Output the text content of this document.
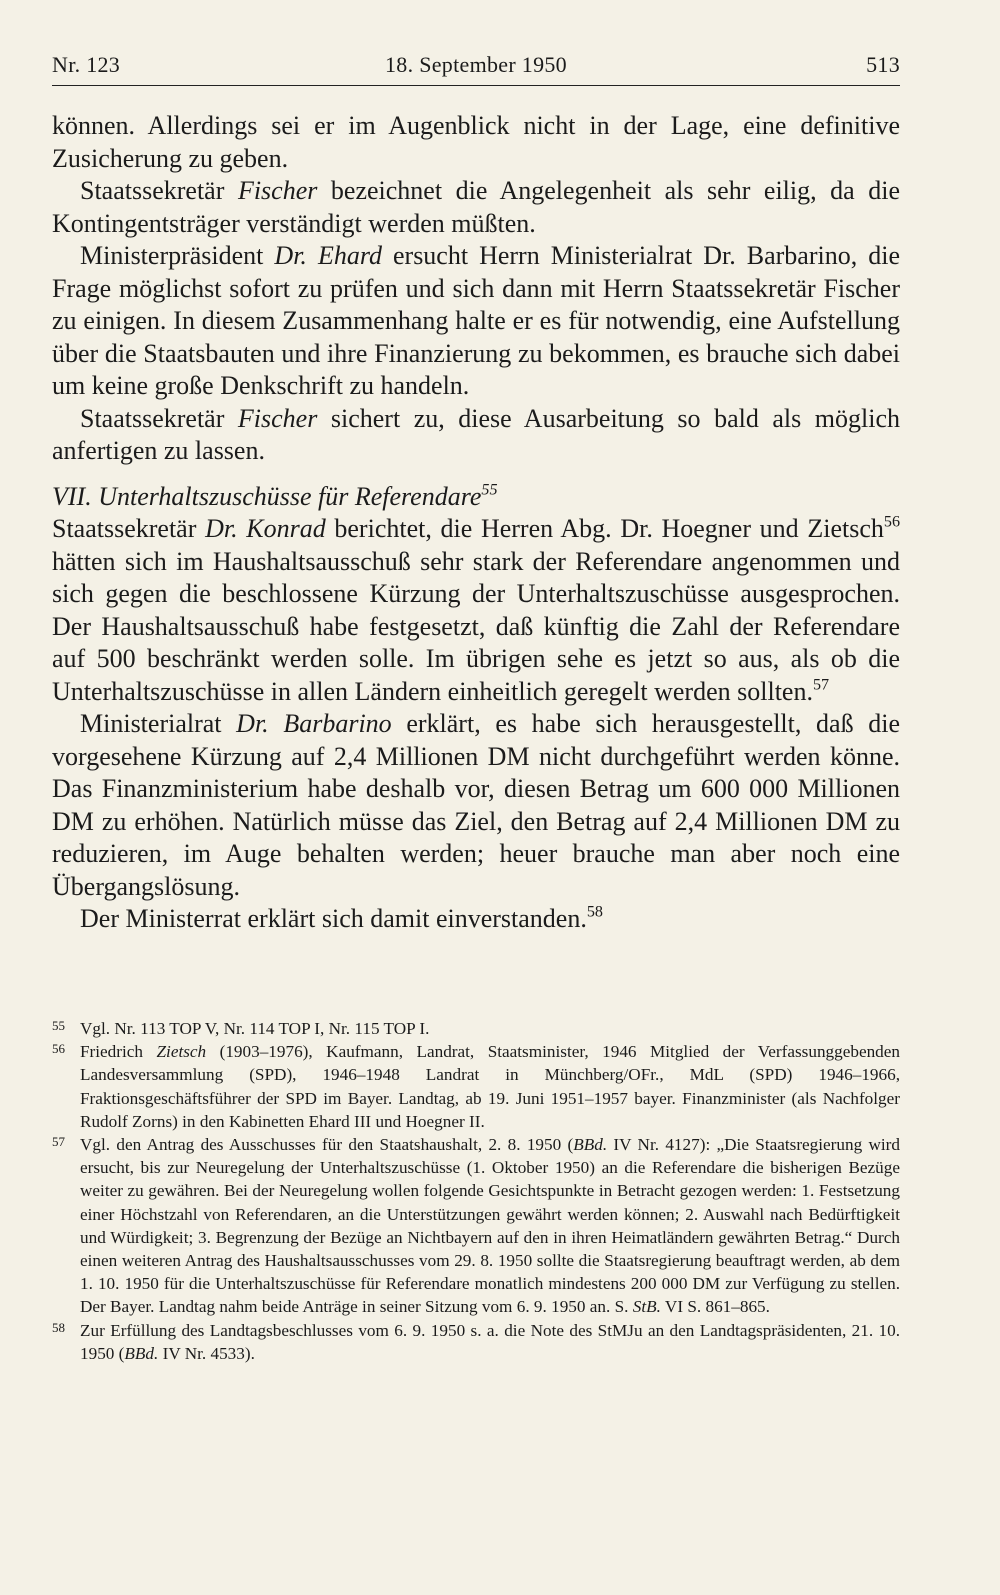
Nr. 123	18. September 1950	513

können. Allerdings sei er im Augenblick nicht in der Lage, eine definitive Zusicherung zu geben.

Staatssekretär Fischer bezeichnet die Angelegenheit als sehr eilig, da die Kontingentsträger verständigt werden müßten.

Ministerpräsident Dr. Ehard ersucht Herrn Ministerialrat Dr. Barbarino, die Frage möglichst sofort zu prüfen und sich dann mit Herrn Staatssekretär Fischer zu einigen. In diesem Zusammenhang halte er es für notwendig, eine Aufstellung über die Staatsbauten und ihre Finanzierung zu bekommen, es brauche sich dabei um keine große Denkschrift zu handeln.

Staatssekretär Fischer sichert zu, diese Ausarbeitung so bald als möglich anfertigen zu lassen.

VII. Unterhaltszuschüsse für Referendare$^{55}$

Staatssekretär Dr. Konrad berichtet, die Herren Abg. Dr. Hoegner und Zietsch$^{56}$ hätten sich im Haushaltsausschuß sehr stark der Referendare angenommen und sich gegen die beschlossene Kürzung der Unterhaltszuschüsse ausgesprochen. Der Haushaltsausschuß habe festgesetzt, daß künftig die Zahl der Referendare auf 500 beschränkt werden solle. Im übrigen sehe es jetzt so aus, als ob die Unterhaltszuschüsse in allen Ländern einheitlich geregelt werden sollten.$^{57}$

Ministerialrat Dr. Barbarino erklärt, es habe sich herausgestellt, daß die vorgesehene Kürzung auf 2,4 Millionen DM nicht durchgeführt werden könne. Das Finanzministerium habe deshalb vor, diesen Betrag um 600 000 Millionen DM zu erhöhen. Natürlich müsse das Ziel, den Betrag auf 2,4 Millionen DM zu reduzieren, im Auge behalten werden; heuer brauche man aber noch eine Übergangslösung.

Der Ministerrat erklärt sich damit einverstanden.$^{58}$

55 Vgl. Nr. 113 TOP V, Nr. 114 TOP I, Nr. 115 TOP I.
56 Friedrich Zietsch (1903–1976), Kaufmann, Landrat, Staatsminister, 1946 Mitglied der Verfassunggebenden Landesversammlung (SPD), 1946–1948 Landrat in Münchberg/OFr., MdL (SPD) 1946–1966, Fraktionsgeschäftsführer der SPD im Bayer. Landtag, ab 19. Juni 1951–1957 bayer. Finanzminister (als Nachfolger Rudolf Zorns) in den Kabinetten Ehard III und Hoegner II.
57 Vgl. den Antrag des Ausschusses für den Staatshaushalt, 2. 8. 1950 (BBd. IV Nr. 4127): „Die Staatsregierung wird ersucht, bis zur Neuregelung der Unterhaltszuschüsse (1. Oktober 1950) an die Referendare die bisherigen Bezüge weiter zu gewähren. Bei der Neuregelung wollen folgende Gesichtspunkte in Betracht gezogen werden: 1. Festsetzung einer Höchstzahl von Referendaren, an die Unterstützungen gewährt werden können; 2. Auswahl nach Bedürftigkeit und Würdigkeit; 3. Begrenzung der Bezüge an Nichtbayern auf den in ihren Heimatländern gewährten Betrag.“ Durch einen weiteren Antrag des Haushaltsausschusses vom 29. 8. 1950 sollte die Staatsregierung beauftragt werden, ab dem 1. 10. 1950 für die Unterhaltszuschüsse für Referendare monatlich mindestens 200 000 DM zur Verfügung zu stellen. Der Bayer. Landtag nahm beide Anträge in seiner Sitzung vom 6. 9. 1950 an. S. StB. VI S. 861–865.
58 Zur Erfüllung des Landtagsbeschlusses vom 6. 9. 1950 s. a. die Note des StMJu an den Landtagspräsidenten, 21. 10. 1950 (BBd. IV Nr. 4533).
